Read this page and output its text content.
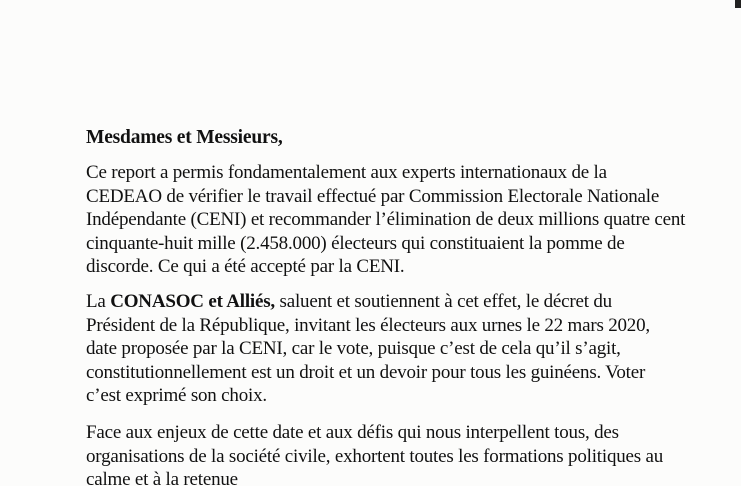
Mesdames et Messieurs,

Ce report a permis fondamentalement aux experts internationaux de la
CEDEAO de vérifier le travail effectué par Commission Electorale Nationale
Indépendante (CENI) et recommander l’élimination de deux millions quatre cent
cinquante-huit mille (2.458.000) électeurs qui constituaient la pomme de
discorde. Ce qui a été accepté par la CENI.
La CONASOC et Alliés, saluent et soutiennent à cet effet, le décret du
Président de la République, invitant les électeurs aux urnes le 22 mars 2020,
date proposée par la CENI, car le vote, puisque c’est de cela qu’il s’agit,
constitutionnellement est un droit et un devoir pour tous les guinéens. Voter
c’est exprimé son choix.
Face aux enjeux de cette date et aux défis qui nous interpellent tous, des
organisations de la société civile, exhortent toutes les formations politiques au
calme et à la retenue
